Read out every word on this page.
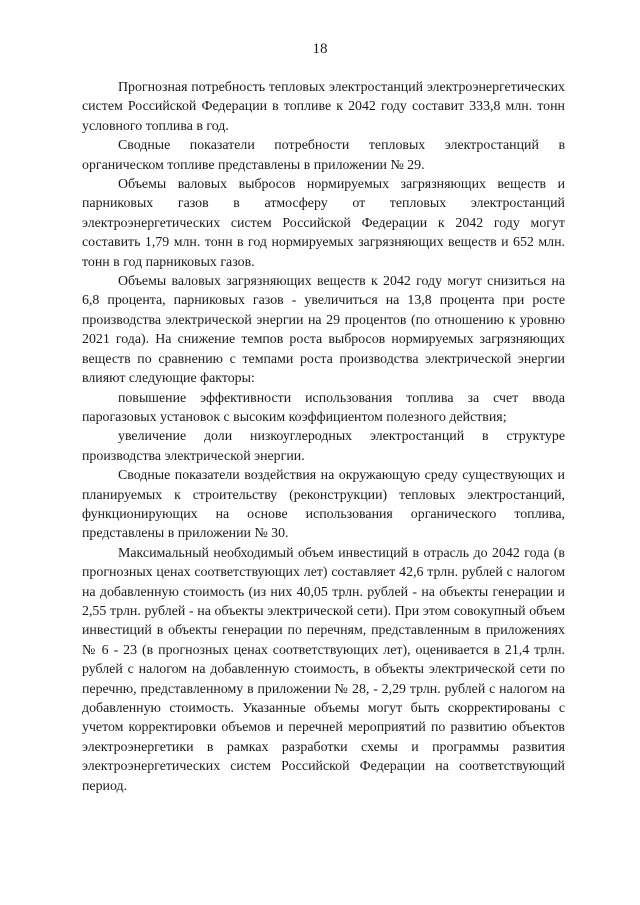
18

Прогнозная потребность тепловых электростанций электроэнергетических систем Российской Федерации в топливе к 2042 году составит 333,8 млн. тонн условного топлива в год.

Сводные показатели потребности тепловых электростанций в органическом топливе представлены в приложении № 29.

Объемы валовых выбросов нормируемых загрязняющих веществ и парниковых газов в атмосферу от тепловых электростанций электроэнергетических систем Российской Федерации к 2042 году могут составить 1,79 млн. тонн в год нормируемых загрязняющих веществ и 652 млн. тонн в год парниковых газов.

Объемы валовых загрязняющих веществ к 2042 году могут снизиться на 6,8 процента, парниковых газов - увеличиться на 13,8 процента при росте производства электрической энергии на 29 процентов (по отношению к уровню 2021 года). На снижение темпов роста выбросов нормируемых загрязняющих веществ по сравнению с темпами роста производства электрической энергии влияют следующие факторы:

повышение эффективности использования топлива за счет ввода парогазовых установок с высоким коэффициентом полезного действия;

увеличение доли низкоуглеродных электростанций в структуре производства электрической энергии.

Сводные показатели воздействия на окружающую среду существующих и планируемых к строительству (реконструкции) тепловых электростанций, функционирующих на основе использования органического топлива, представлены в приложении № 30.

Максимальный необходимый объем инвестиций в отрасль до 2042 года (в прогнозных ценах соответствующих лет) составляет 42,6 трлн. рублей с налогом на добавленную стоимость (из них 40,05 трлн. рублей - на объекты генерации и 2,55 трлн. рублей - на объекты электрической сети). При этом совокупный объем инвестиций в объекты генерации по перечням, представленным в приложениях № 6 - 23 (в прогнозных ценах соответствующих лет), оценивается в 21,4 трлн. рублей с налогом на добавленную стоимость, в объекты электрической сети по перечню, представленному в приложении № 28, - 2,29 трлн. рублей с налогом на добавленную стоимость. Указанные объемы могут быть скорректированы с учетом корректировки объемов и перечней мероприятий по развитию объектов электроэнергетики в рамках разработки схемы и программы развития электроэнергетических систем Российской Федерации на соответствующий период.
